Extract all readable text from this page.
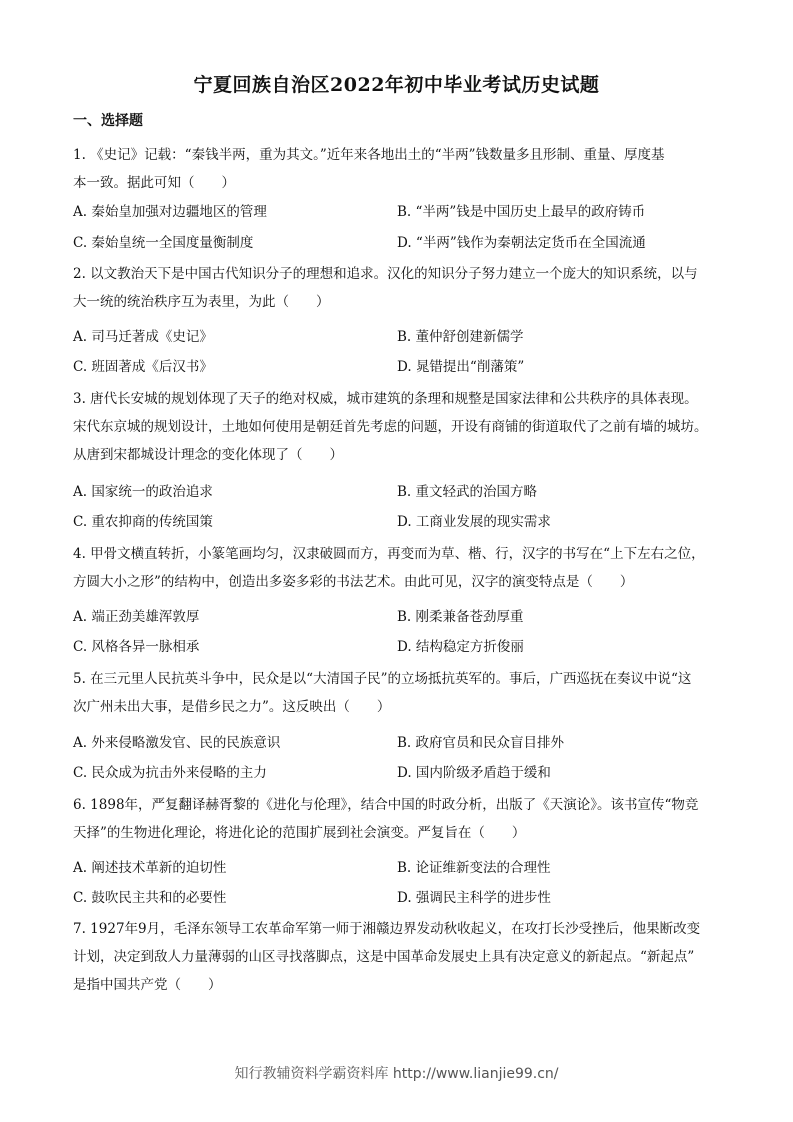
宁夏回族自治区2022年初中毕业考试历史试题
一、选择题
1. 《史记》记载：“秦钱半两，重为其文。”近年来各地出土的“半两”钱数量多且形制、重量、厚度基
本一致。据此可知（　　）
A. 秦始皇加强对边疆地区的管理	B. “半两”钱是中国历史上最早的政府铸币
C. 秦始皇统一全国度量衡制度	D. “半两”钱作为秦朝法定货币在全国流通
2. 以文教治天下是中国古代知识分子的理想和追求。汉化的知识分子努力建立一个庞大的知识系统，以与
大一统的统治秩序互为表里，为此（　　）
A. 司马迁著成《史记》	B. 董仲舒创建新儒学
C. 班固著成《后汉书》	D. 晁错提出“削藩策”
3. 唐代长安城的规划体现了天子的绝对权威，城市建筑的条理和规整是国家法律和公共秩序的具体表现。
宋代东京城的规划设计，土地如何使用是朝廷首先考虑的问题，开设有商铺的街道取代了之前有墙的城坊。
从唐到宋都城设计理念的变化体现了（　　）
A. 国家统一的政治追求	B. 重文轻武的治国方略
C. 重农抑商的传统国策	D. 工商业发展的现实需求
4. 甲骨文横直转折，小篆笔画均匀，汉隶破圆而方，再变而为草、楷、行，汉字的书写在“上下左右之位，
方圆大小之形”的结构中，创造出多姿多彩的书法艺术。由此可见，汉字的演变特点是（　　）
A. 端正劲美雄浑敦厚	B. 刚柔兼备苍劲厚重
C. 风格各异一脉相承	D. 结构稳定方折俊丽
5. 在三元里人民抗英斗争中，民众是以“大清国子民”的立场抵抗英军的。事后，广西巡抚在奏议中说“这
次广州未出大事，是借乡民之力”。这反映出（　　）
A. 外来侵略激发官、民的民族意识	B. 政府官员和民众盲目排外
C. 民众成为抗击外来侵略的主力	D. 国内阶级矛盾趋于缓和
6. 1898年，严复翻译赫胥黎的《进化与伦理》，结合中国的时政分析，出版了《天演论》。该书宣传“物竞
天择”的生物进化理论，将进化论的范围扩展到社会演变。严复旨在（　　）
A. 阐述技术革新的迫切性	B. 论证维新变法的合理性
C. 鼓吹民主共和的必要性	D. 强调民主科学的进步性
7. 1927年9月，毛泽东领导工农革命军第一师于湘赣边界发动秋收起义，在攻打长沙受挫后，他果断改变
计划，决定到敌人力量薄弱的山区寻找落脚点，这是中国革命发展史上具有决定意义的新起点。“新起点”
是指中国共产党（　　）
知行教辅资料学霸资料库 http://www.lianjie99.cn/
